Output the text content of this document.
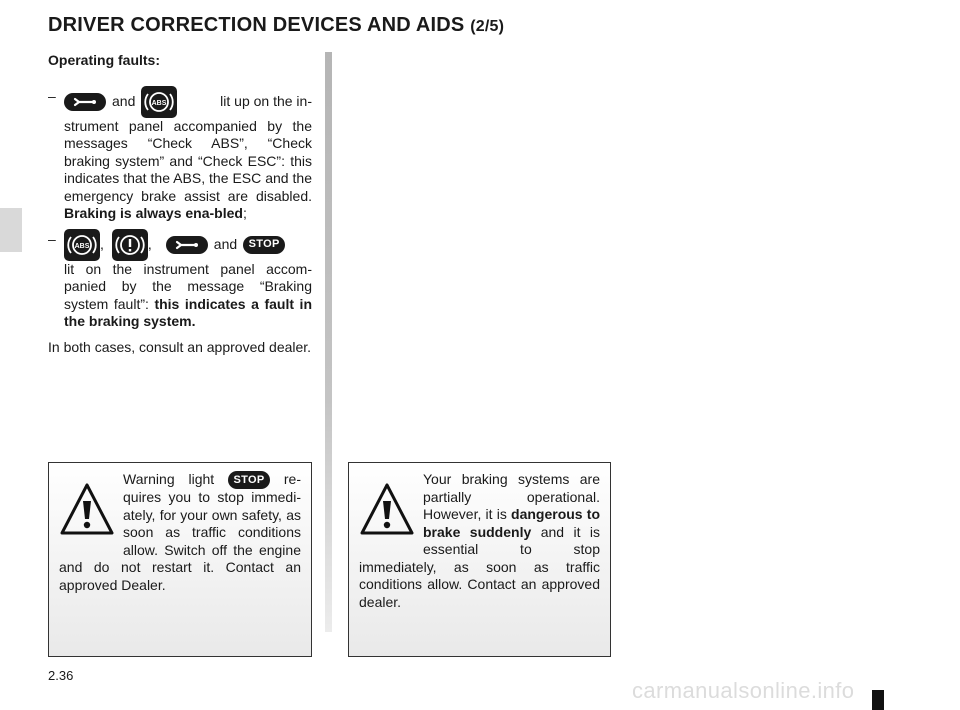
DRIVER CORRECTION DEVICES AND AIDS (2/5)

Operating faults:

–	and ABS	lit up on the in-
strument panel accompanied by the messages “Check ABS”, “Check braking system” and “Check ESC”: this indicates that the ABS, the ESC and the emergency brake assist are disabled. Braking is always ena-bled;
–	ABS ,	,	and	STOP
lit on the instrument panel accom-panied by the message “Braking system fault”: this indicates a fault in the braking system.

In both cases, consult an approved dealer.

Warning light STOP re-quires you to stop immedi-ately, for your own safety, as soon as traffic conditions allow. Switch off the engine and do not restart it. Contact an approved Dealer.
Your braking systems are partially operational. However, it is dangerous to brake suddenly and it is essential to stop immediately, as soon as traffic conditions allow. Contact an approved dealer.
2.36
carmanualsonline.info
